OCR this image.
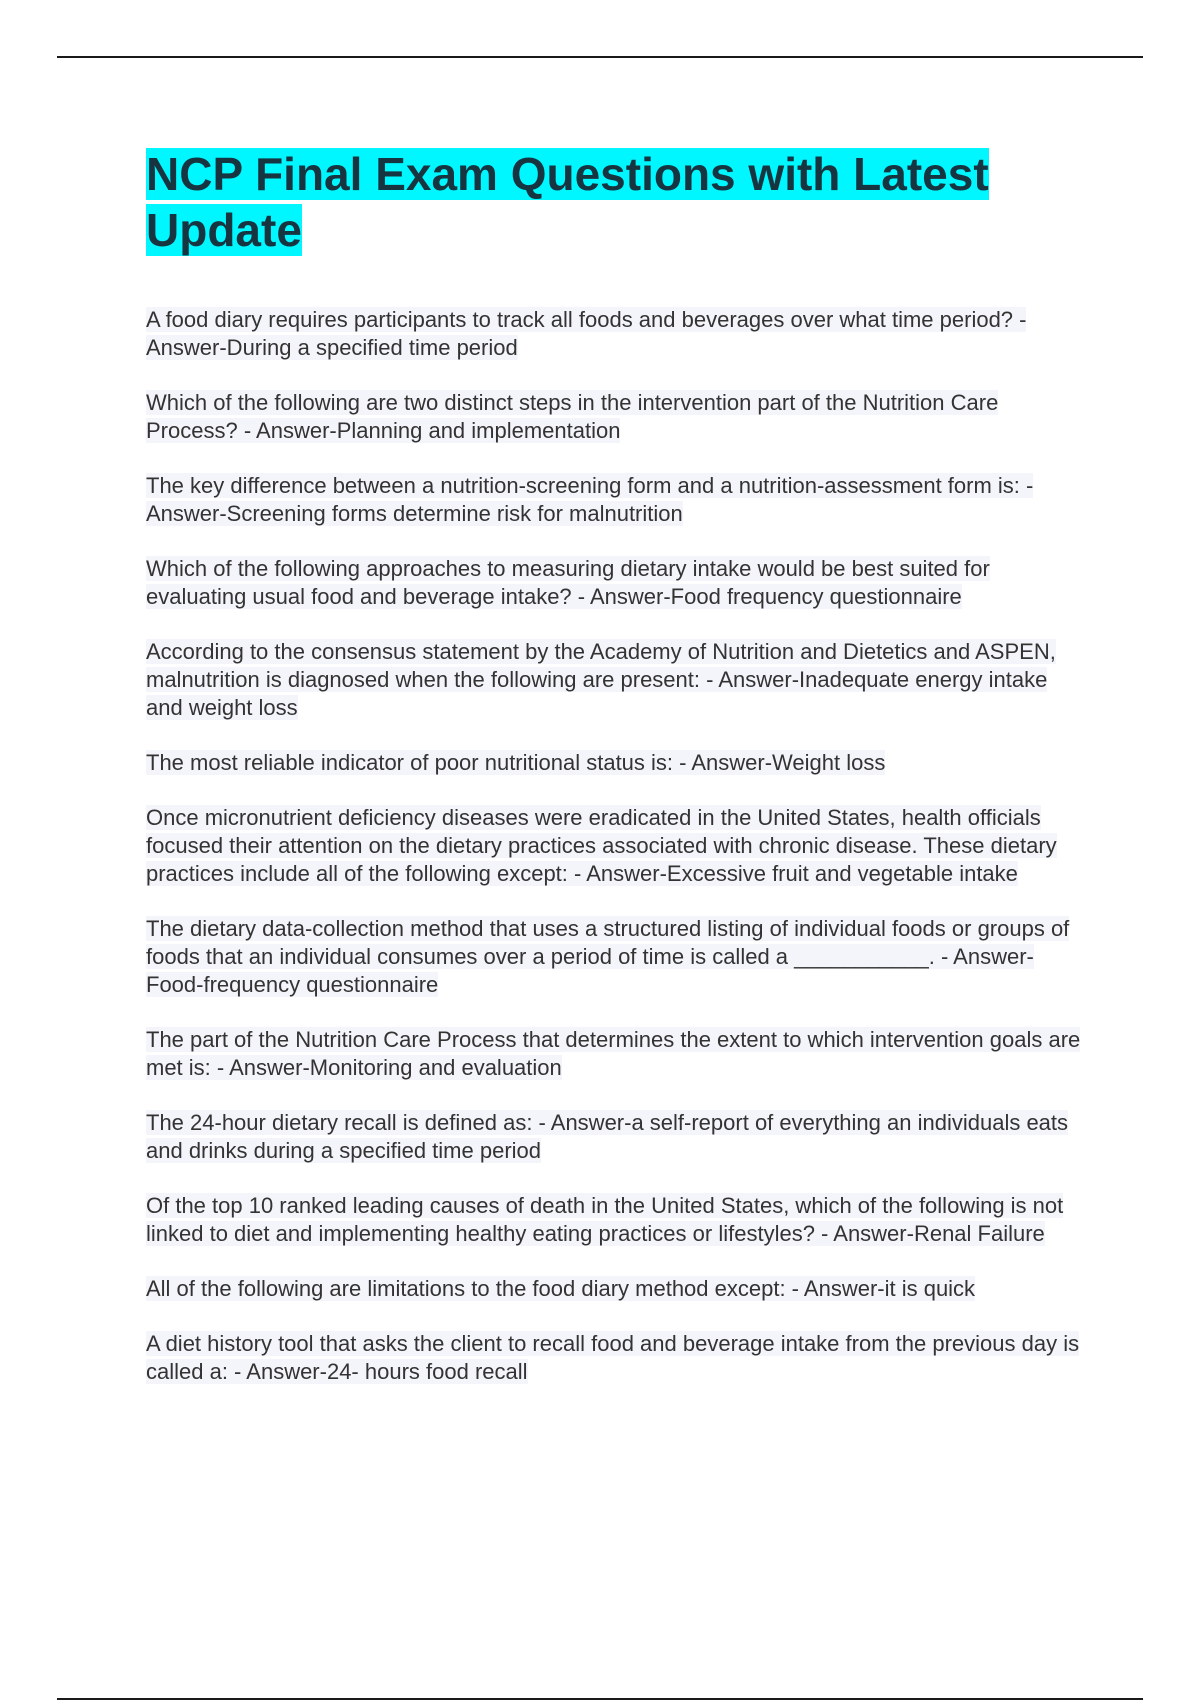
NCP Final Exam Questions with Latest Update

A food diary requires participants to track all foods and beverages over what time period? - Answer-During a specified time period

Which of the following are two distinct steps in the intervention part of the Nutrition Care Process? - Answer-Planning and implementation

The key difference between a nutrition-screening form and a nutrition-assessment form is: - Answer-Screening forms determine risk for malnutrition

Which of the following approaches to measuring dietary intake would be best suited for evaluating usual food and beverage intake? - Answer-Food frequency questionnaire

According to the consensus statement by the Academy of Nutrition and Dietetics and ASPEN, malnutrition is diagnosed when the following are present: - Answer-Inadequate energy intake and weight loss

The most reliable indicator of poor nutritional status is: - Answer-Weight loss

Once micronutrient deficiency diseases were eradicated in the United States, health officials focused their attention on the dietary practices associated with chronic disease. These dietary practices include all of the following except: - Answer-Excessive fruit and vegetable intake

The dietary data-collection method that uses a structured listing of individual foods or groups of foods that an individual consumes over a period of time is called a ___________. - Answer-Food-frequency questionnaire

The part of the Nutrition Care Process that determines the extent to which intervention goals are met is: - Answer-Monitoring and evaluation

The 24-hour dietary recall is defined as: - Answer-a self-report of everything an individuals eats and drinks during a specified time period

Of the top 10 ranked leading causes of death in the United States, which of the following is not linked to diet and implementing healthy eating practices or lifestyles? - Answer-Renal Failure

All of the following are limitations to the food diary method except: - Answer-it is quick

A diet history tool that asks the client to recall food and beverage intake from the previous day is called a: - Answer-24- hours food recall
